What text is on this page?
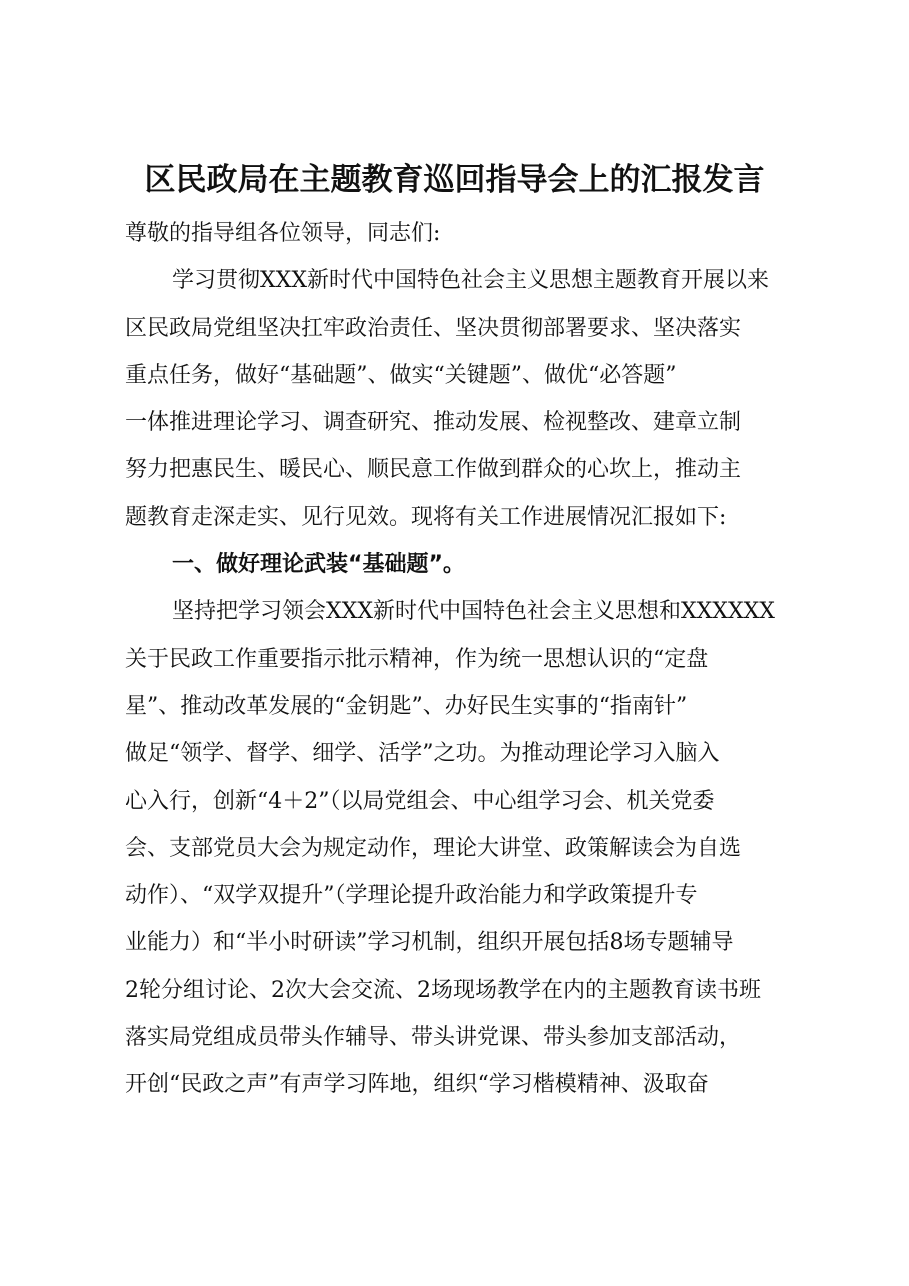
区民政局在主题教育巡回指导会上的汇报发言
尊敬的指导组各位领导，同志们:
学习贯彻XXX新时代中国特色社会主义思想主题教育开展以来
区民政局党组坚决扛牢政治责任、坚决贯彻部署要求、坚决落实
重点任务，做好“基础题”、做实“关键题”、做优“必答题”
一体推进理论学习、调查研究、推动发展、检视整改、建章立制
努力把惠民生、暖民心、顺民意工作做到群众的心坎上，推动主
题教育走深走实、见行见效。现将有关工作进展情况汇报如下:
一、做好理论武装“基础题”。
坚持把学习领会XXX新时代中国特色社会主义思想和XXXXXX
关于民政工作重要指示批示精神，作为统一思想认识的“定盘
星”、推动改革发展的“金钥匙”、办好民生实事的“指南针”
做足“领学、督学、细学、活学”之功。为推动理论学习入脑入
心入行，创新“4＋2”（以局党组会、中心组学习会、机关党委
会、支部党员大会为规定动作，理论大讲堂、政策解读会为自选
动作）、“双学双提升”（学理论提升政治能力和学政策提升专
业能力）和“半小时研读”学习机制，组织开展包括8场专题辅导
2轮分组讨论、2次大会交流、2场现场教学在内的主题教育读书班
落实局党组成员带头作辅导、带头讲党课、带头参加支部活动，
开创“民政之声”有声学习阵地，组织“学习楷模精神、汲取奋
